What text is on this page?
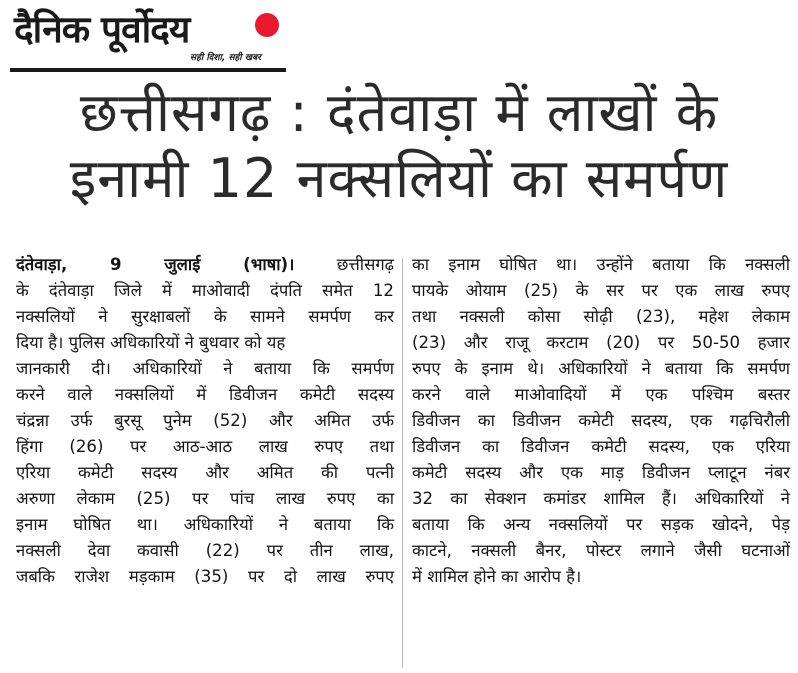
दैनिक पूर्वोदय
सही दिशा, सही खबर
छत्तीसगढ़ : दंतेवाड़ा में लाखों के
इनामी 12 नक्सलियों का समर्पण
दंतेवाड़ा, 9 जुलाई (भाषा)। छत्तीसगढ़
के दंतेवाड़ा जिले में माओवादी दंपति समेत 12
नक्सलियों ने सुरक्षाबलों के सामने समर्पण कर
दिया है। पुलिस अधिकारियों ने बुधवार को यह
जानकारी दी। अधिकारियों ने बताया कि समर्पण
करने वाले नक्सलियों में डिवीजन कमेटी सदस्य
चंद्रन्ना उर्फ बुरसू पुनेम (52) और अमित उर्फ
हिंगा (26) पर आठ-आठ लाख रुपए तथा
एरिया कमेटी सदस्य और अमित की पत्नी
अरुणा लेकाम (25) पर पांच लाख रुपए का
इनाम घोषित था। अधिकारियों ने बताया कि
नक्सली देवा कवासी (22) पर तीन लाख,
जबकि राजेश मड़काम (35) पर दो लाख रुपए
का इनाम घोषित था। उन्होंने बताया कि नक्सली
पायके ओयाम (25) के सर पर एक लाख रुपए
तथा नक्सली कोसा सोढ़ी (23), महेश लेकाम
(23) और राजू करटाम (20) पर 50-50 हजार
रुपए के इनाम थे। अधिकारियों ने बताया कि समर्पण
करने वाले माओवादियों में एक पश्चिम बस्तर
डिवीजन का डिवीजन कमेटी सदस्य, एक गढ़चिरौली
डिवीजन का डिवीजन कमेटी सदस्य, एक एरिया
कमेटी सदस्य और एक माड़ डिवीजन प्लाटून नंबर
32 का सेक्शन कमांडर शामिल हैं। अधिकारियों ने
बताया कि अन्य नक्सलियों पर सड़क खोदने, पेड़
काटने, नक्सली बैनर, पोस्टर लगाने जैसी घटनाओं
में शामिल होने का आरोप है।
